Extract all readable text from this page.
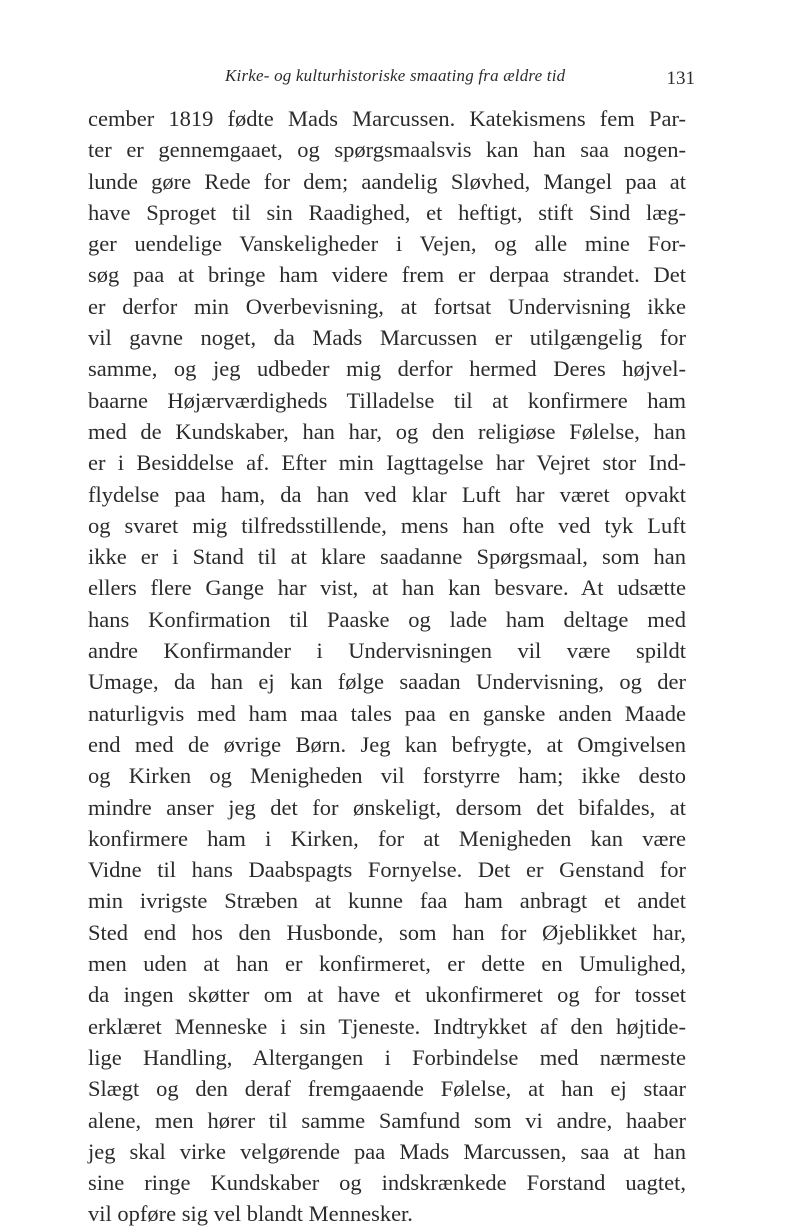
Kirke- og kulturhistoriske smaating fra ældre tid	131
cember 1819 fødte Mads Marcussen. Katekismens fem Par-
ter er gennemgaaet, og spørgsmaalsvis kan han saa nogen-
lunde gøre Rede for dem; aandelig Sløvhed, Mangel paa at
have Sproget til sin Raadighed, et heftigt, stift Sind læg-
ger uendelige Vanskeligheder i Vejen, og alle mine For-
søg paa at bringe ham videre frem er derpaa strandet. Det
er derfor min Overbevisning, at fortsat Undervisning ikke
vil gavne noget, da Mads Marcussen er utilgængelig for
samme, og jeg udbeder mig derfor hermed Deres højvel-
baarne Højærværdigheds Tilladelse til at konfirmere ham
med de Kundskaber, han har, og den religiøse Følelse, han
er i Besiddelse af. Efter min Iagttagelse har Vejret stor Ind-
flydelse paa ham, da han ved klar Luft har været opvakt
og svaret mig tilfredsstillende, mens han ofte ved tyk Luft
ikke er i Stand til at klare saadanne Spørgsmaal, som han
ellers flere Gange har vist, at han kan besvare. At udsætte
hans Konfirmation til Paaske og lade ham deltage med
andre Konfirmander i Undervisningen vil være spildt
Umage, da han ej kan følge saadan Undervisning, og der
naturligvis med ham maa tales paa en ganske anden Maade
end med de øvrige Børn. Jeg kan befrygte, at Omgivelsen
og Kirken og Menigheden vil forstyrre ham; ikke desto
mindre anser jeg det for ønskeligt, dersom det bifaldes, at
konfirmere ham i Kirken, for at Menigheden kan være
Vidne til hans Daabspagts Fornyelse. Det er Genstand for
min ivrigste Stræben at kunne faa ham anbragt et andet
Sted end hos den Husbonde, som han for Øjeblikket har,
men uden at han er konfirmeret, er dette en Umulighed,
da ingen skøtter om at have et ukonfirmeret og for tosset
erklæret Menneske i sin Tjeneste. Indtrykket af den højtide-
lige Handling, Altergangen i Forbindelse med nærmeste
Slægt og den deraf fremgaaende Følelse, at han ej staar
alene, men hører til samme Samfund som vi andre, haaber
jeg skal virke velgørende paa Mads Marcussen, saa at han
sine ringe Kundskaber og indskrænkede Forstand uagtet,
vil opføre sig vel blandt Mennesker.
